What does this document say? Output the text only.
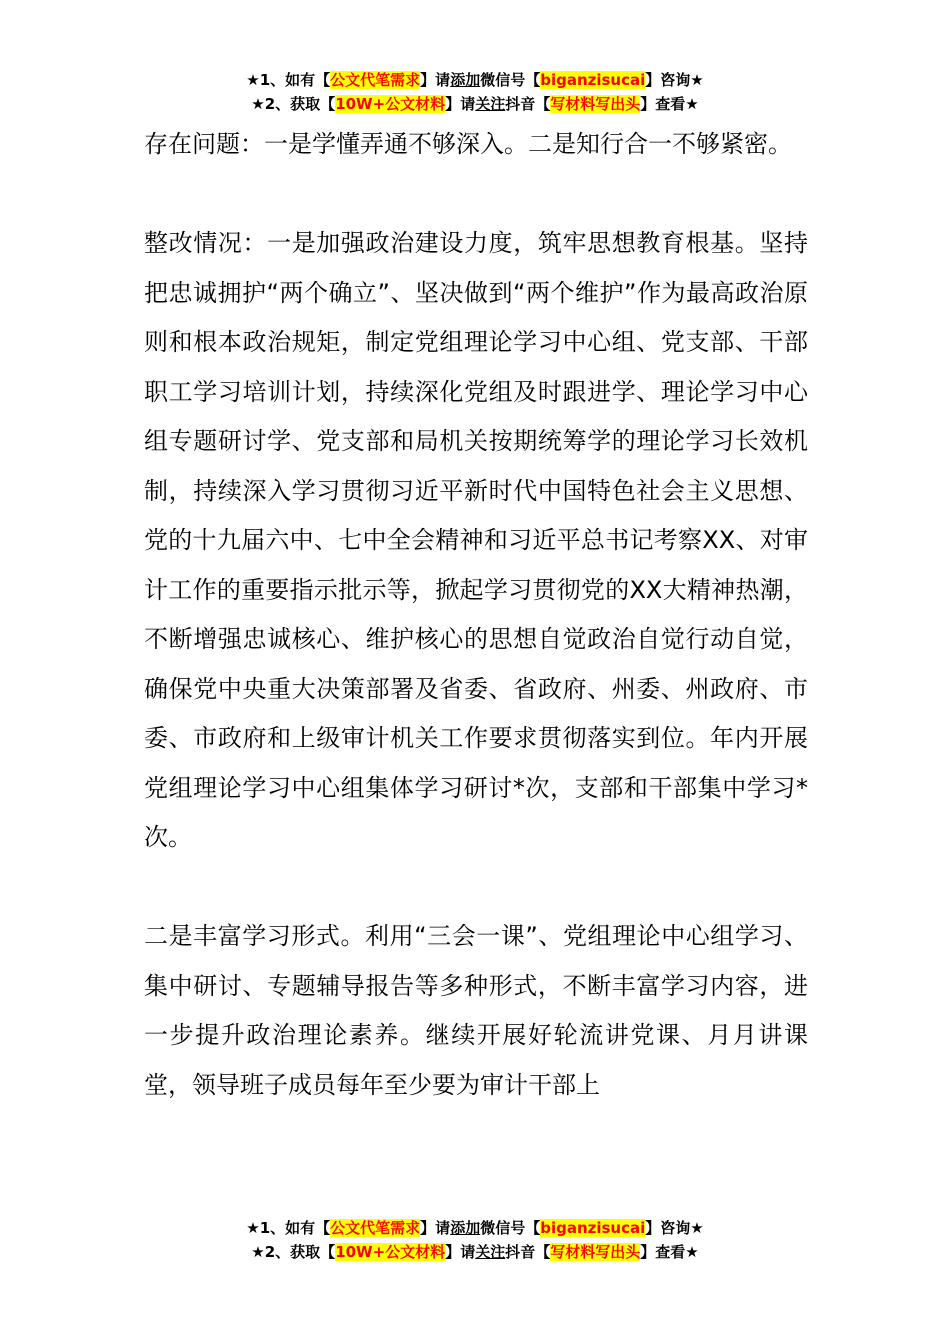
★1、如有【公文代笔需求】请添加微信号【biganzisucai】咨询★
★2、获取【10W+公文材料】请关注抖音【写材料写出头】查看★

存在问题：一是学懂弄通不够深入。二是知行合一不够紧密。

整改情况：一是加强政治建设力度，筑牢思想教育根基。坚持把忠诚拥护“两个确立”、坚决做到“两个维护”作为最高政治原则和根本政治规矩，制定党组理论学习中心组、党支部、干部职工学习培训计划，持续深化党组及时跟进学、理论学习中心组专题研讨学、党支部和局机关按期统筹学的理论学习长效机制，持续深入学习贯彻习近平新时代中国特色社会主义思想、党的十九届六中、七中全会精神和习近平总书记考察XX、对审计工作的重要指示批示等，掀起学习贯彻党的XX大精神热潮，不断增强忠诚核心、维护核心的思想自觉政治自觉行动自觉，确保党中央重大决策部署及省委、省政府、州委、州政府、市委、市政府和上级审计机关工作要求贯彻落实到位。年内开展党组理论学习中心组集体学习研讨*次，支部和干部集中学习*次。

二是丰富学习形式。利用“三会一课”、党组理论中心组学习、集中研讨、专题辅导报告等多种形式，不断丰富学习内容，进一步提升政治理论素养。继续开展好轮流讲党课、月月讲课堂，领导班子成员每年至少要为审计干部上

★1、如有【公文代笔需求】请添加微信号【biganzisucai】咨询★
★2、获取【10W+公文材料】请关注抖音【写材料写出头】查看★
